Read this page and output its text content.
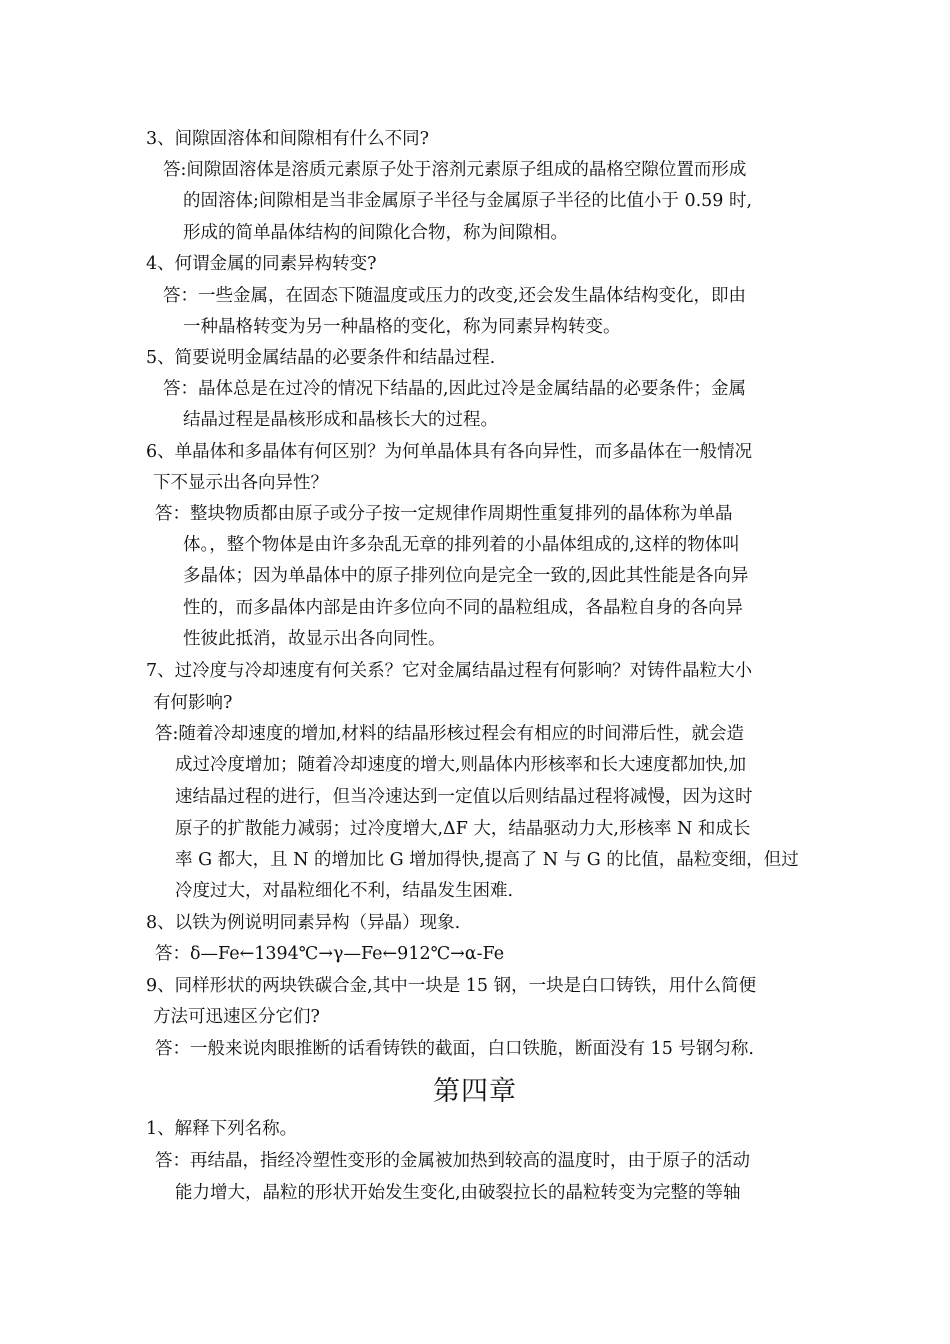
3、间隙固溶体和间隙相有什么不同?
答:间隙固溶体是溶质元素原子处于溶剂元素原子组成的晶格空隙位置而形成
的固溶体;间隙相是当非金属原子半径与金属原子半径的比值小于 0.59 时,
形成的简单晶体结构的间隙化合物，称为间隙相。
4、何谓金属的同素异构转变?
答：一些金属，在固态下随温度或压力的改变,还会发生晶体结构变化，即由
一种晶格转变为另一种晶格的变化，称为同素异构转变。
5、简要说明金属结晶的必要条件和结晶过程.
答：晶体总是在过冷的情况下结晶的,因此过冷是金属结晶的必要条件；金属
结晶过程是晶核形成和晶核长大的过程。
6、单晶体和多晶体有何区别？为何单晶体具有各向异性，而多晶体在一般情况
下不显示出各向异性？
答：整块物质都由原子或分子按一定规律作周期性重复排列的晶体称为单晶
体。，整个物体是由许多杂乱无章的排列着的小晶体组成的,这样的物体叫
多晶体；因为单晶体中的原子排列位向是完全一致的,因此其性能是各向异
性的，而多晶体内部是由许多位向不同的晶粒组成，各晶粒自身的各向异
性彼此抵消，故显示出各向同性。
7、过冷度与冷却速度有何关系？它对金属结晶过程有何影响？对铸件晶粒大小
有何影响?
答:随着冷却速度的增加,材料的结晶形核过程会有相应的时间滞后性，就会造
成过冷度增加；随着冷却速度的增大,则晶体内形核率和长大速度都加快,加
速结晶过程的进行，但当冷速达到一定值以后则结晶过程将减慢，因为这时
原子的扩散能力减弱；过冷度增大,ΔF 大，结晶驱动力大,形核率 N 和成长
率 G 都大，且 N 的增加比 G 增加得快,提高了 N 与 G 的比值，晶粒变细，但过
冷度过大，对晶粒细化不利，结晶发生困难.
8、以铁为例说明同素异构（异晶）现象.
答：δ—Fe←1394℃→γ—Fe←912℃→α-Fe
9、同样形状的两块铁碳合金,其中一块是 15 钢，一块是白口铸铁，用什么简便
方法可迅速区分它们?
答：一般来说肉眼推断的话看铸铁的截面，白口铁脆，断面没有 15 号钢匀称.
第四章
1、解释下列名称。
答：再结晶，指经冷塑性变形的金属被加热到较高的温度时，由于原子的活动
能力增大，晶粒的形状开始发生变化,由破裂拉长的晶粒转变为完整的等轴
